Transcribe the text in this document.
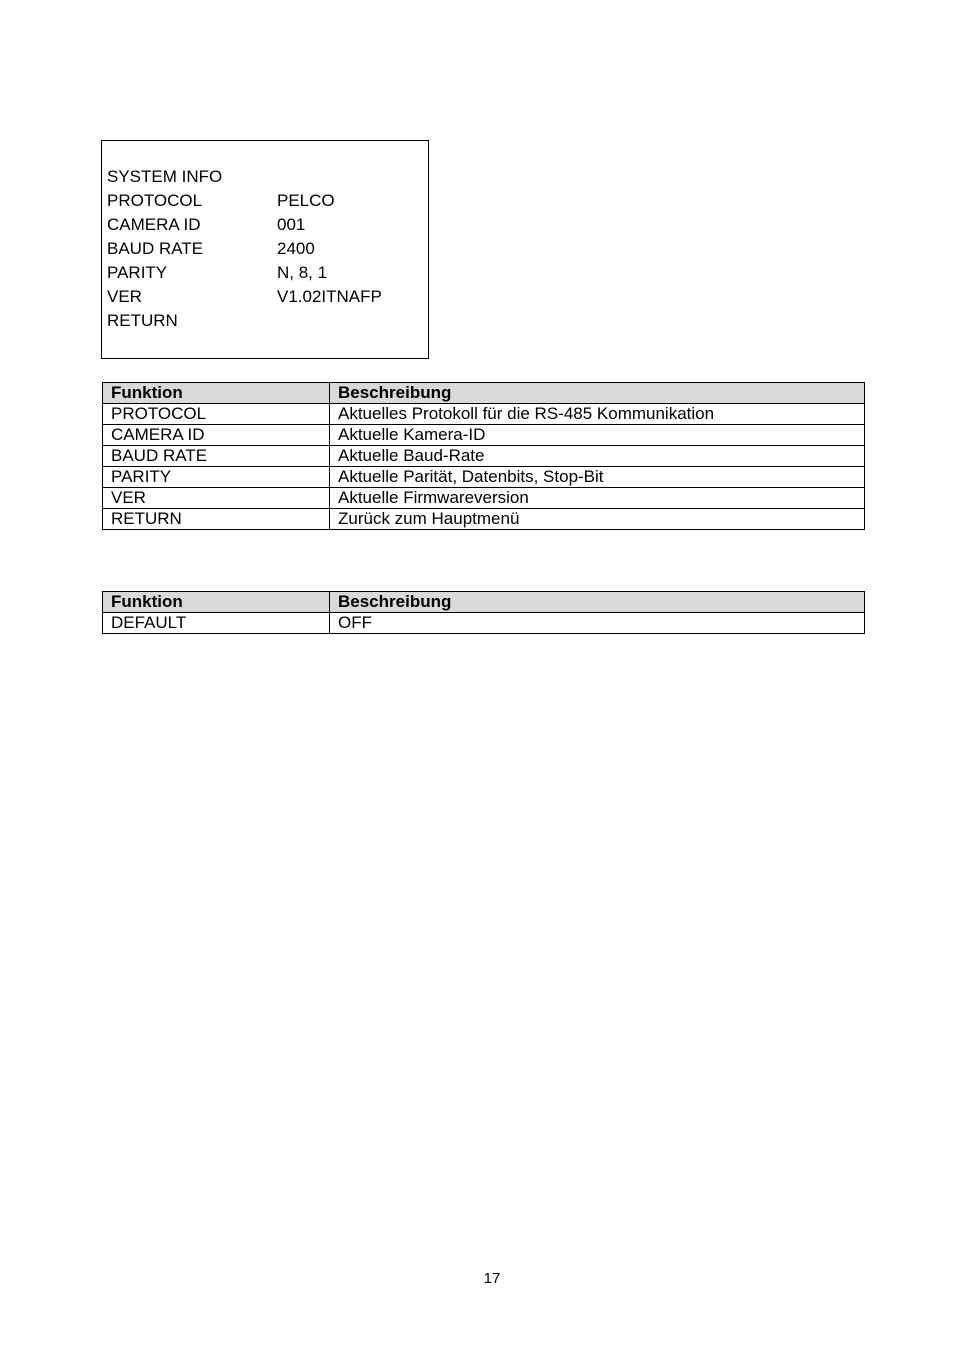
SYSTEM INFO
PROTOCOL	PELCO
CAMERA ID	001
BAUD RATE	2400
PARITY	N, 8, 1
VER	V1.02ITNAFP
RETURN
Funktion	Beschreibung
PROTOCOL	Aktuelles Protokoll für die RS-485 Kommunikation
CAMERA ID	Aktuelle Kamera-ID
BAUD RATE	Aktuelle Baud-Rate
PARITY	Aktuelle Parität, Datenbits, Stop-Bit
VER	Aktuelle Firmwareversion
RETURN	Zurück zum Hauptmenü
Funktion	Beschreibung
DEFAULT	OFF
17
